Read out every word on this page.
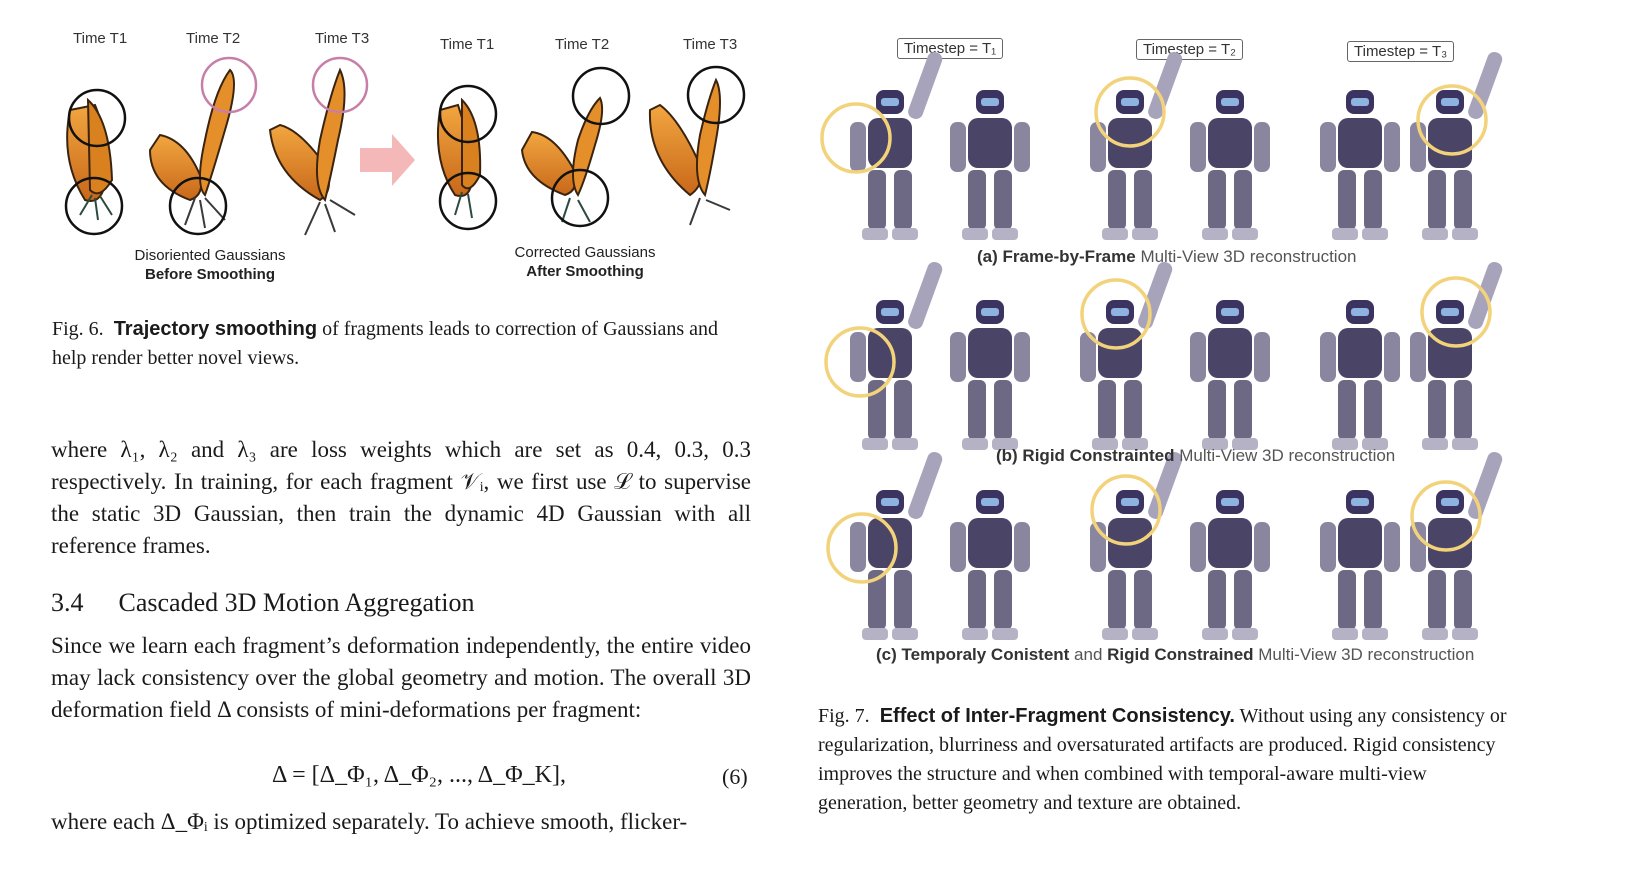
Time T1	Time T2	Time T3	Time T1	Time T2	Time T3
Disoriented Gaussians
Before Smoothing
Corrected Gaussians
After Smoothing
Fig. 6. Trajectory smoothing of fragments leads to correction of Gaussians and help render better novel views.
where λ₁, λ₂ and λ₃ are loss weights which are set as 0.4, 0.3, 0.3 respectively. In training, for each fragment 𝒱ᵢ, we first use ℒ to supervise the static 3D Gaussian, then train the dynamic 4D Gaussian with all reference frames.
3.4 Cascaded 3D Motion Aggregation
Since we learn each fragment’s deformation independently, the entire video may lack consistency over the global geometry and motion. The overall 3D deformation field Δ consists of mini-deformations per fragment:
Δ = [Δ_Φ₁, Δ_Φ₂, ..., Δ_Φ_K],	(6)
where each Δ_Φᵢ is optimized separately. To achieve smooth, flicker-
Timestep = T₁	Timestep = T₂	Timestep = T₃
(a) Frame-by-Frame Multi-View 3D reconstruction
(b) Rigid Constrainted Multi-View 3D reconstruction
(c) Temporaly Conistent and Rigid Constrained Multi-View 3D reconstruction
Fig. 7. Effect of Inter-Fragment Consistency. Without using any consistency or regularization, blurriness and oversaturated artifacts are produced. Rigid consistency improves the structure and when combined with temporal-aware multi-view generation, better geometry and texture are obtained.
